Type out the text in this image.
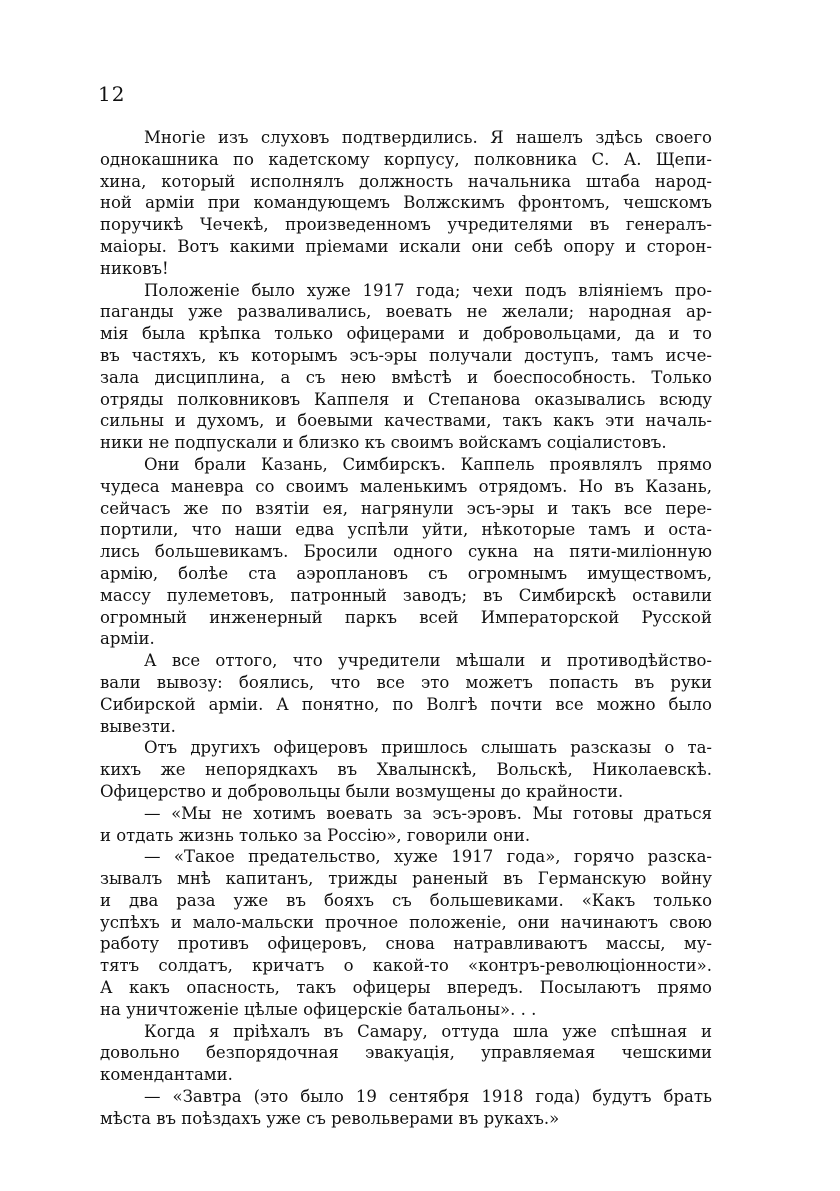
12

Многіе изъ слуховъ подтвердились. Я нашелъ здѣсь своего
однокашника по кадетскому корпусу, полковника С. А. Щепи-
хина, который исполнялъ должность начальника штаба народ-
ной арміи при командующемъ Волжскимъ фронтомъ, чешскомъ
поручикѣ Чечекѣ, произведенномъ учредителями въ генералъ-
маіоры. Вотъ какими пріемами искали они себѣ опору и сторон-
никовъ!

Положеніе было хуже 1917 года; чехи подъ вліяніемъ про-
паганды уже разваливались, воевать не желали; народная ар-
мія была крѣпка только офицерами и добровольцами, да и то
въ частяхъ, къ которымъ эсъ-эры получали доступъ, тамъ исче-
зала дисциплина, а съ нею вмѣстѣ и боеспособность. Только
отряды полковниковъ Каппеля и Степанова оказывались всюду
сильны и духомъ, и боевыми качествами, такъ какъ эти началь-
ники не подпускали и близко къ своимъ войскамъ соціалистовъ.

Они брали Казань, Симбирскъ. Каппель проявлялъ прямо
чудеса маневра со своимъ маленькимъ отрядомъ. Но въ Казань,
сейчасъ же по взятіи ея, нагрянули эсъ-эры и такъ все пере-
портили, что наши едва успѣли уйти, нѣкоторые тамъ и оста-
лись большевикамъ. Бросили одного сукна на пяти-миліонную
армію, болѣе ста аэроплановъ съ огромнымъ имуществомъ,
массу пулеметовъ, патронный заводъ; въ Симбирскѣ оставили
огромный инженерный паркъ всей Императорской Русской
арміи.

А все оттого, что учредители мѣшали и противодѣйство-
вали вывозу: боялись, что все это можетъ попасть въ руки
Сибирской арміи. А понятно, по Волгѣ почти все можно было
вывезти.

Отъ другихъ офицеровъ пришлось слышать разсказы о та-
кихъ же непорядкахъ въ Хвалынскѣ, Вольскѣ, Николаевскѣ.
Офицерство и добровольцы были возмущены до крайности.

— «Мы не хотимъ воевать за эсъ-эровъ. Мы готовы драться
и отдать жизнь только за Россію», говорили они.

— «Такое предательство, хуже 1917 года», горячо разска-
зывалъ мнѣ капитанъ, трижды раненый въ Германскую войну
и два раза уже въ бояхъ съ большевиками. «Какъ только
успѣхъ и мало-мальски прочное положеніе, они начинаютъ свою
работу противъ офицеровъ, снова натравливаютъ массы, му-
тятъ солдатъ, кричатъ о какой-то «контръ-революціонности».
А какъ опасность, такъ офицеры впередъ. Посылаютъ прямо
на уничтоженіе цѣлые офицерскіе батальоны». . .

Когда я пріѣхалъ въ Самару, оттуда шла уже спѣшная и
довольно безпорядочная эвакуація, управляемая чешскими
комендантами.

— «Завтра (это было 19 сентября 1918 года) будутъ брать
мѣста въ поѣздахъ уже съ револьверами въ рукахъ.»
